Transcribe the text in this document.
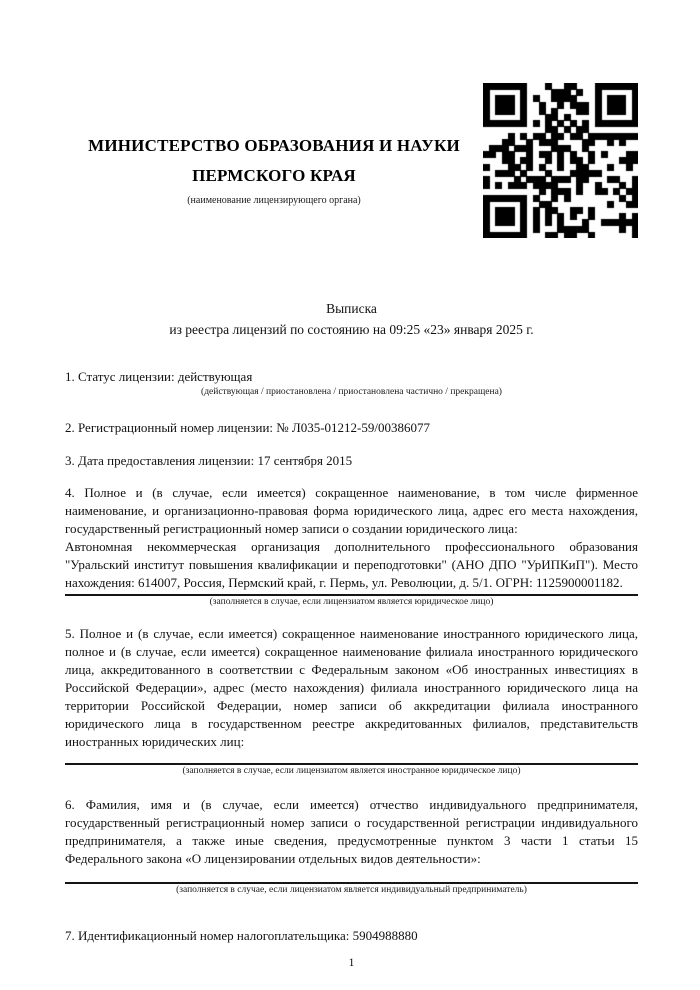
МИНИСТЕРСТВО ОБРАЗОВАНИЯ И НАУКИ ПЕРМСКОГО КРАЯ
(наименование лицензирующего органа)
Выписка
из реестра лицензий по состоянию на 09:25 «23» января 2025 г.

1. Статус лицензии: действующая

(действующая / приостановлена / приостановлена частично / прекращена)

2. Регистрационный номер лицензии: № Л035-01212-59/00386077

3. Дата предоставления лицензии: 17 сентября 2015

4. Полное и (в случае, если имеется) сокращенное наименование, в том числе фирменное наименование, и организационно-правовая форма юридического лица, адрес его места нахождения, государственный регистрационный номер записи о создании юридического лица:

Автономная некоммерческая организация дополнительного профессионального образования "Уральский институт повышения квалификации и переподготовки" (АНО ДПО "УрИПКиП"). Место нахождения: 614007, Россия, Пермский край, г. Пермь, ул. Революции, д. 5/1. ОГРН: 1125900001182.

(заполняется в случае, если лицензиатом является юридическое лицо)

5. Полное и (в случае, если имеется) сокращенное наименование иностранного юридического лица, полное и (в случае, если имеется) сокращенное наименование филиала иностранного юридического лица, аккредитованного в соответствии с Федеральным законом «Об иностранных инвестициях в Российской Федерации», адрес (место нахождения) филиала иностранного юридического лица на территории Российской Федерации, номер записи об аккредитации филиала иностранного юридического лица в государственном реестре аккредитованных филиалов, представительств иностранных юридических лиц:

(заполняется в случае, если лицензиатом является иностранное юридическое лицо)

6. Фамилия, имя и (в случае, если имеется) отчество индивидуального предпринимателя, государственный регистрационный номер записи о государственной регистрации индивидуального предпринимателя, а также иные сведения, предусмотренные пунктом 3 части 1 статьи 15 Федерального закона «О лицензировании отдельных видов деятельности»:

(заполняется в случае, если лицензиатом является индивидуальный предприниматель)

7. Идентификационный номер налогоплательщика: 5904988880

1
